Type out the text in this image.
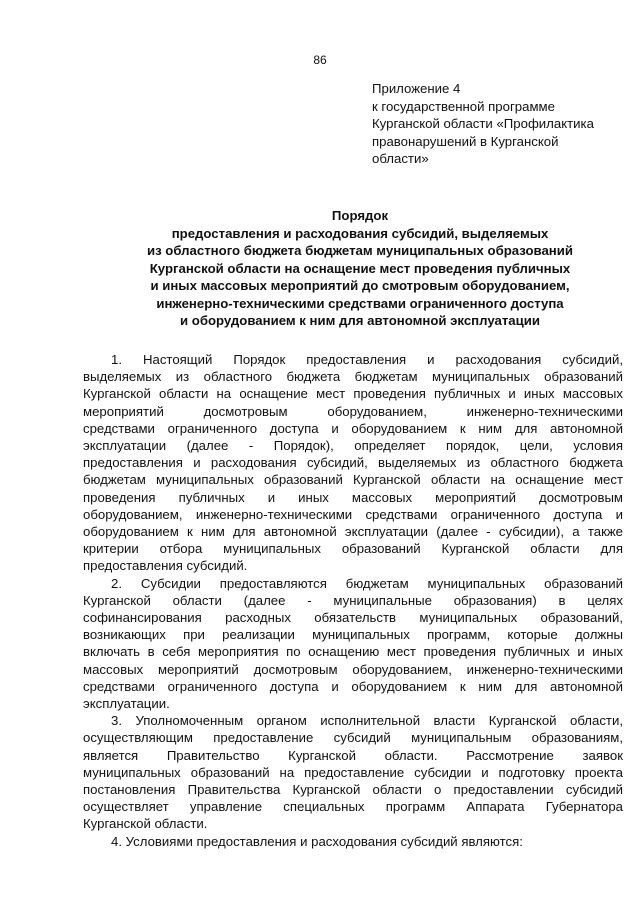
86
Приложение 4
к государственной программе
Курганской области «Профилактика
правонарушений в Курганской
области»
Порядок
предоставления и расходования субсидий, выделяемых
из областного бюджета бюджетам муниципальных образований
Курганской области на оснащение мест проведения публичных
и иных массовых мероприятий до смотровым оборудованием,
инженерно-техническими средствами ограниченного доступа
и оборудованием к ним для автономной эксплуатации
1. Настоящий Порядок предоставления и расходования субсидий,
выделяемых из областного бюджета бюджетам муниципальных образований
Курганской области на оснащение мест проведения публичных и иных массовых
мероприятий досмотровым оборудованием, инженерно-техническими
средствами ограниченного доступа и оборудованием к ним для автономной
эксплуатации (далее - Порядок), определяет порядок, цели, условия
предоставления и расходования субсидий, выделяемых из областного бюджета
бюджетам муниципальных образований Курганской области на оснащение мест
проведения публичных и иных массовых мероприятий досмотровым
оборудованием, инженерно-техническими средствами ограниченного доступа и
оборудованием к ним для автономной эксплуатации (далее - субсидии), а также
критерии отбора муниципальных образований Курганской области для
предоставления субсидий.
2. Субсидии предоставляются бюджетам муниципальных образований
Курганской области (далее - муниципальные образования) в целях
софинансирования расходных обязательств муниципальных образований,
возникающих при реализации муниципальных программ, которые должны
включать в себя мероприятия по оснащению мест проведения публичных и иных
массовых мероприятий досмотровым оборудованием, инженерно-техническими
средствами ограниченного доступа и оборудованием к ним для автономной
эксплуатации.
3. Уполномоченным органом исполнительной власти Курганской области,
осуществляющим предоставление субсидий муниципальным образованиям,
является Правительство Курганской области. Рассмотрение заявок
муниципальных образований на предоставление субсидии и подготовку проекта
постановления Правительства Курганской области о предоставлении субсидий
осуществляет управление специальных программ Аппарата Губернатора
Курганской области.
4. Условиями предоставления и расходования субсидий являются:
